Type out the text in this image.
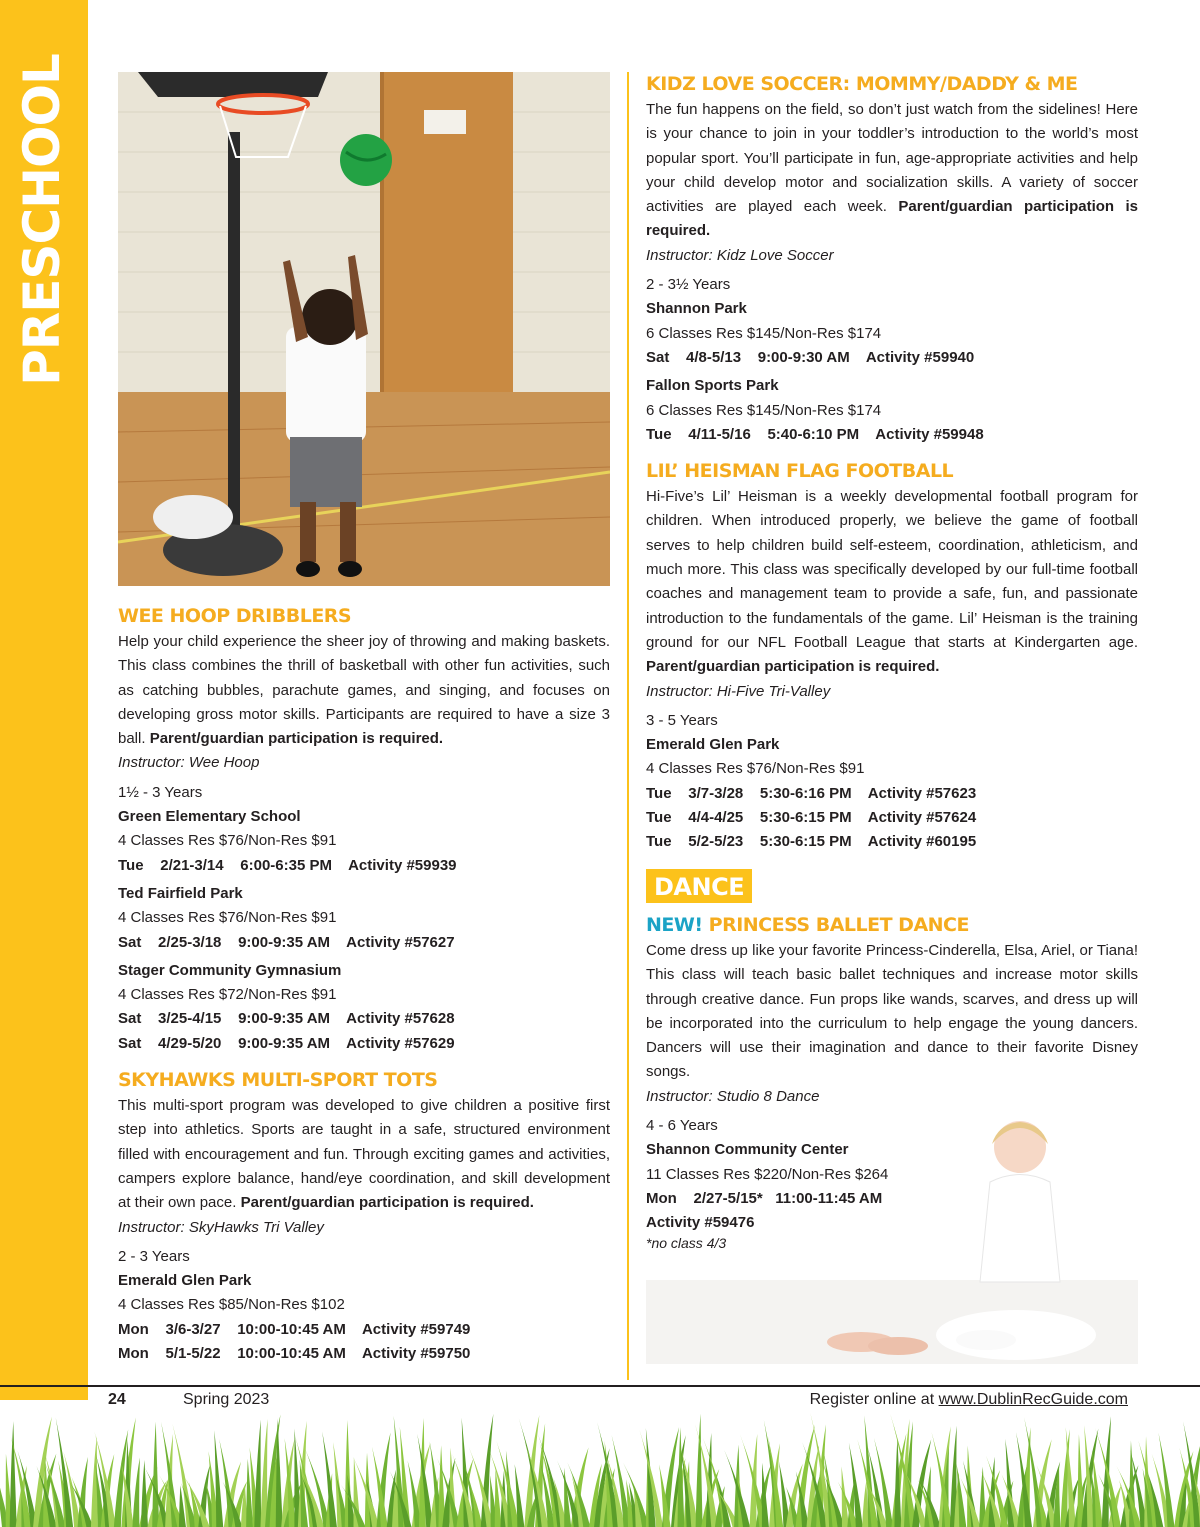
PRESCHOOL
WEE HOOP DRIBBLERS
Help your child experience the sheer joy of throwing and making baskets. This class combines the thrill of basketball with other fun activities, such as catching bubbles, parachute games, and singing, and focuses on developing gross motor skills. Participants are required to have a size 3 ball. Parent/guardian participation is required.
Instructor: Wee Hoop
1½ - 3 Years
Green Elementary School
4 Classes Res $76/Non-Res $91
Tue    2/21-3/14    6:00-6:35 PM    Activity #59939
Ted Fairfield Park
4 Classes Res $76/Non-Res $91
Sat    2/25-3/18    9:00-9:35 AM    Activity #57627
Stager Community Gymnasium
4 Classes Res $72/Non-Res $91
Sat    3/25-4/15    9:00-9:35 AM    Activity #57628
Sat    4/29-5/20    9:00-9:35 AM    Activity #57629
SKYHAWKS MULTI-SPORT TOTS
This multi-sport program was developed to give children a positive first step into athletics. Sports are taught in a safe, structured environment filled with encouragement and fun. Through exciting games and activities, campers explore balance, hand/eye coordination, and skill development at their own pace. Parent/guardian participation is required.
Instructor: SkyHawks Tri Valley
2 - 3 Years
Emerald Glen Park
4 Classes Res $85/Non-Res $102
Mon    3/6-3/27    10:00-10:45 AM    Activity #59749
Mon    5/1-5/22    10:00-10:45 AM    Activity #59750
KIDZ LOVE SOCCER: MOMMY/DADDY & ME
The fun happens on the field, so don’t just watch from the sidelines! Here is your chance to join in your toddler’s introduction to the world’s most popular sport. You’ll participate in fun, age-appropriate activities and help your child develop motor and socialization skills. A variety of soccer activities are played each week. Parent/guardian participation is required.
Instructor: Kidz Love Soccer
2 - 3½ Years
Shannon Park
6 Classes Res $145/Non-Res $174
Sat    4/8-5/13    9:00-9:30 AM    Activity #59940
Fallon Sports Park
6 Classes Res $145/Non-Res $174
Tue    4/11-5/16    5:40-6:10 PM    Activity #59948
LIL’ HEISMAN FLAG FOOTBALL
Hi-Five’s Lil’ Heisman is a weekly developmental football program for children. When introduced properly, we believe the game of football serves to help children build self-esteem, coordination, athleticism, and much more. This class was specifically developed by our full-time football coaches and management team to provide a safe, fun, and passionate introduction to the fundamentals of the game. Lil’ Heisman is the training ground for our NFL Football League that starts at Kindergarten age. Parent/guardian participation is required.
Instructor: Hi-Five Tri-Valley
3 - 5 Years
Emerald Glen Park
4 Classes Res $76/Non-Res $91
Tue    3/7-3/28    5:30-6:16 PM    Activity #57623
Tue    4/4-4/25    5:30-6:15 PM    Activity #57624
Tue    5/2-5/23    5:30-6:15 PM    Activity #60195
DANCE
NEW! PRINCESS BALLET DANCE
Come dress up like your favorite Princess-Cinderella, Elsa, Ariel, or Tiana! This class will teach basic ballet techniques and increase motor skills through creative dance. Fun props like wands, scarves, and dress up will be incorporated into the curriculum to help engage the young dancers. Dancers will use their imagination and dance to their favorite Disney songs.
Instructor: Studio 8 Dance
4 - 6 Years
Shannon Community Center
11 Classes Res $220/Non-Res $264
Mon    2/27-5/15*   11:00-11:45 AM
Activity #59476
*no class 4/3
24	Spring 2023	Register online at www.DublinRecGuide.com
